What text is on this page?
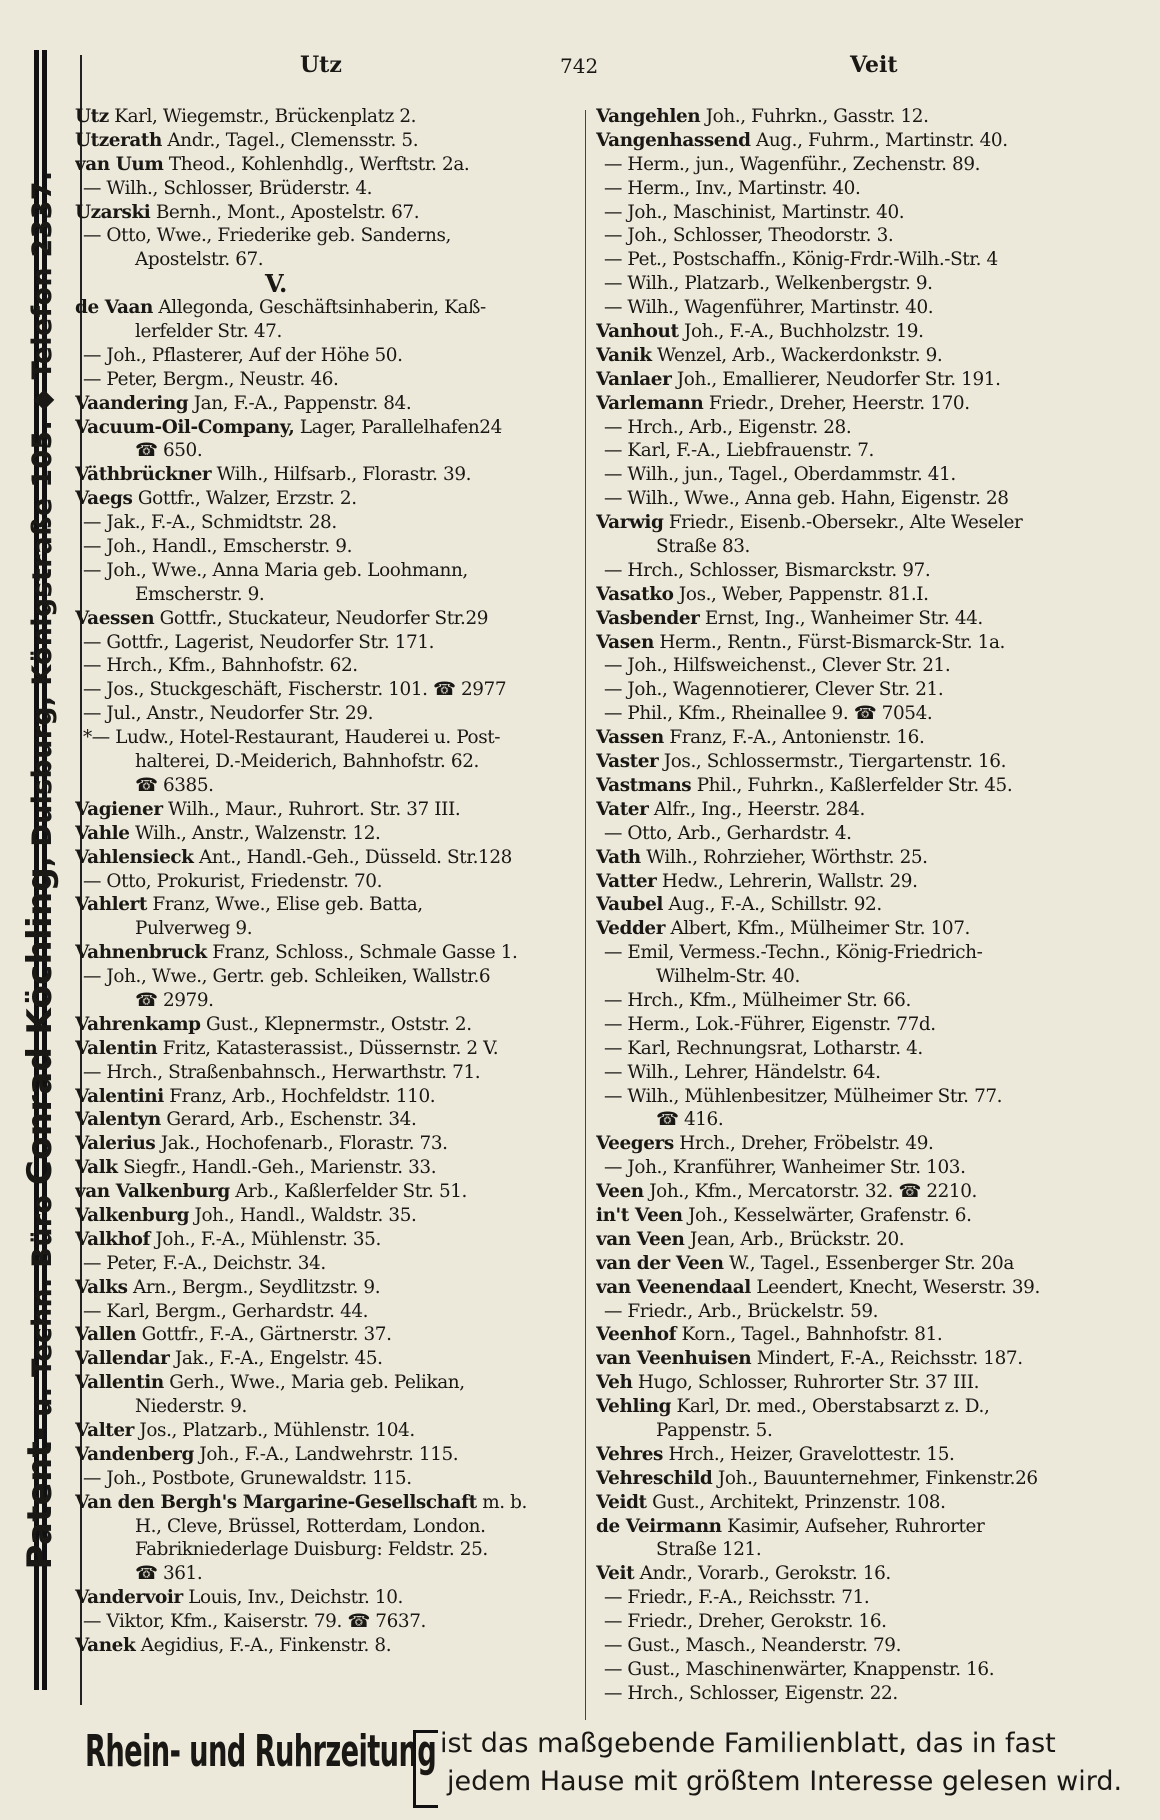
Patent- u. Techn. Büro Conrad Köchling, Duisburg, Königstraße 105. ◆ Telefon 2337.
Utz	742	Veit
Utz Karl, Wiegemstr., Brückenplatz 2.
Utzerath Andr., Tagel., Clemensstr. 5.
van Uum Theod., Kohlenhdlg., Werftstr. 2a.
— Wilh., Schlosser, Brüderstr. 4.
Uzarski Bernh., Mont., Apostelstr. 67.
— Otto, Wwe., Friederike geb. Sanderns,
Apostelstr. 67.
V.
de Vaan Allegonda, Geschäftsinhaberin, Kaß-
lerfelder Str. 47.
— Joh., Pflasterer, Auf der Höhe 50.
— Peter, Bergm., Neustr. 46.
Vaandering Jan, F.-A., Pappenstr. 84.
Vacuum-Oil-Company, Lager, Parallelhafen24
☎ 650.
Väthbrückner Wilh., Hilfsarb., Florastr. 39.
Vaegs Gottfr., Walzer, Erzstr. 2.
— Jak., F.-A., Schmidtstr. 28.
— Joh., Handl., Emscherstr. 9.
— Joh., Wwe., Anna Maria geb. Loohmann,
Emscherstr. 9.
Vaessen Gottfr., Stuckateur, Neudorfer Str.29
— Gottfr., Lagerist, Neudorfer Str. 171.
— Hrch., Kfm., Bahnhofstr. 62.
— Jos., Stuckgeschäft, Fischerstr. 101. ☎ 2977
— Jul., Anstr., Neudorfer Str. 29.
*— Ludw., Hotel-Restaurant, Hauderei u. Post-
halterei, D.-Meiderich, Bahnhofstr. 62.
☎ 6385.
Vagiener Wilh., Maur., Ruhrort. Str. 37 III.
Vahle Wilh., Anstr., Walzenstr. 12.
Vahlensieck Ant., Handl.-Geh., Düsseld. Str.128
— Otto, Prokurist, Friedenstr. 70.
Vahlert Franz, Wwe., Elise geb. Batta,
Pulverweg 9.
Vahnenbruck Franz, Schloss., Schmale Gasse 1.
— Joh., Wwe., Gertr. geb. Schleiken, Wallstr.6
☎ 2979.
Vahrenkamp Gust., Klepnermstr., Oststr. 2.
Valentin Fritz, Katasterassist., Düssernstr. 2 V.
— Hrch., Straßenbahnsch., Herwarthstr. 71.
Valentini Franz, Arb., Hochfeldstr. 110.
Valentyn Gerard, Arb., Eschenstr. 34.
Valerius Jak., Hochofenarb., Florastr. 73.
Valk Siegfr., Handl.-Geh., Marienstr. 33.
van Valkenburg Arb., Kaßlerfelder Str. 51.
Valkenburg Joh., Handl., Waldstr. 35.
Valkhof Joh., F.-A., Mühlenstr. 35.
— Peter, F.-A., Deichstr. 34.
Valks Arn., Bergm., Seydlitzstr. 9.
— Karl, Bergm., Gerhardstr. 44.
Vallen Gottfr., F.-A., Gärtnerstr. 37.
Vallendar Jak., F.-A., Engelstr. 45.
Vallentin Gerh., Wwe., Maria geb. Pelikan,
Niederstr. 9.
Valter Jos., Platzarb., Mühlenstr. 104.
Vandenberg Joh., F.-A., Landwehrstr. 115.
— Joh., Postbote, Grunewaldstr. 115.
Van den Bergh's Margarine-Gesellschaft m. b.
H., Cleve, Brüssel, Rotterdam, London.
Fabrikniederlage Duisburg: Feldstr. 25.
☎ 361.
Vandervoir Louis, Inv., Deichstr. 10.
— Viktor, Kfm., Kaiserstr. 79. ☎ 7637.
Vanek Aegidius, F.-A., Finkenstr. 8.
Vangehlen Joh., Fuhrkn., Gasstr. 12.
Vangenhassend Aug., Fuhrm., Martinstr. 40.
— Herm., jun., Wagenführ., Zechenstr. 89.
— Herm., Inv., Martinstr. 40.
— Joh., Maschinist, Martinstr. 40.
— Joh., Schlosser, Theodorstr. 3.
— Pet., Postschaffn., König-Frdr.-Wilh.-Str. 4
— Wilh., Platzarb., Welkenbergstr. 9.
— Wilh., Wagenführer, Martinstr. 40.
Vanhout Joh., F.-A., Buchholzstr. 19.
Vanik Wenzel, Arb., Wackerdonkstr. 9.
Vanlaer Joh., Emallierer, Neudorfer Str. 191.
Varlemann Friedr., Dreher, Heerstr. 170.
— Hrch., Arb., Eigenstr. 28.
— Karl, F.-A., Liebfrauenstr. 7.
— Wilh., jun., Tagel., Oberdammstr. 41.
— Wilh., Wwe., Anna geb. Hahn, Eigenstr. 28
Varwig Friedr., Eisenb.-Obersekr., Alte Weseler
Straße 83.
— Hrch., Schlosser, Bismarckstr. 97.
Vasatko Jos., Weber, Pappenstr. 81.I.
Vasbender Ernst, Ing., Wanheimer Str. 44.
Vasen Herm., Rentn., Fürst-Bismarck-Str. 1a.
— Joh., Hilfsweichenst., Clever Str. 21.
— Joh., Wagennotierer, Clever Str. 21.
— Phil., Kfm., Rheinallee 9. ☎ 7054.
Vassen Franz, F.-A., Antonienstr. 16.
Vaster Jos., Schlossermstr., Tiergartenstr. 16.
Vastmans Phil., Fuhrkn., Kaßlerfelder Str. 45.
Vater Alfr., Ing., Heerstr. 284.
— Otto, Arb., Gerhardstr. 4.
Vath Wilh., Rohrzieher, Wörthstr. 25.
Vatter Hedw., Lehrerin, Wallstr. 29.
Vaubel Aug., F.-A., Schillstr. 92.
Vedder Albert, Kfm., Mülheimer Str. 107.
— Emil, Vermess.-Techn., König-Friedrich-
Wilhelm-Str. 40.
— Hrch., Kfm., Mülheimer Str. 66.
— Herm., Lok.-Führer, Eigenstr. 77d.
— Karl, Rechnungsrat, Lotharstr. 4.
— Wilh., Lehrer, Händelstr. 64.
— Wilh., Mühlenbesitzer, Mülheimer Str. 77.
☎ 416.
Veegers Hrch., Dreher, Fröbelstr. 49.
— Joh., Kranführer, Wanheimer Str. 103.
Veen Joh., Kfm., Mercatorstr. 32. ☎ 2210.
in't Veen Joh., Kesselwärter, Grafenstr. 6.
van Veen Jean, Arb., Brückstr. 20.
van der Veen W., Tagel., Essenberger Str. 20a
van Veenendaal Leendert, Knecht, Weserstr. 39.
— Friedr., Arb., Brückelstr. 59.
Veenhof Korn., Tagel., Bahnhofstr. 81.
van Veenhuisen Mindert, F.-A., Reichsstr. 187.
Veh Hugo, Schlosser, Ruhrorter Str. 37 III.
Vehling Karl, Dr. med., Oberstabsarzt z. D.,
Pappenstr. 5.
Vehres Hrch., Heizer, Gravelottestr. 15.
Vehreschild Joh., Bauunternehmer, Finkenstr.26
Veidt Gust., Architekt, Prinzenstr. 108.
de Veirmann Kasimir, Aufseher, Ruhrorter
Straße 121.
Veit Andr., Vorarb., Gerokstr. 16.
— Friedr., F.-A., Reichsstr. 71.
— Friedr., Dreher, Gerokstr. 16.
— Gust., Masch., Neanderstr. 79.
— Gust., Maschinenwärter, Knappenstr. 16.
— Hrch., Schlosser, Eigenstr. 22.
Rhein- und Ruhrzeitung ist das maßgebende Familienblatt, das in fast
jedem Hause mit größtem Interesse gelesen wird.
